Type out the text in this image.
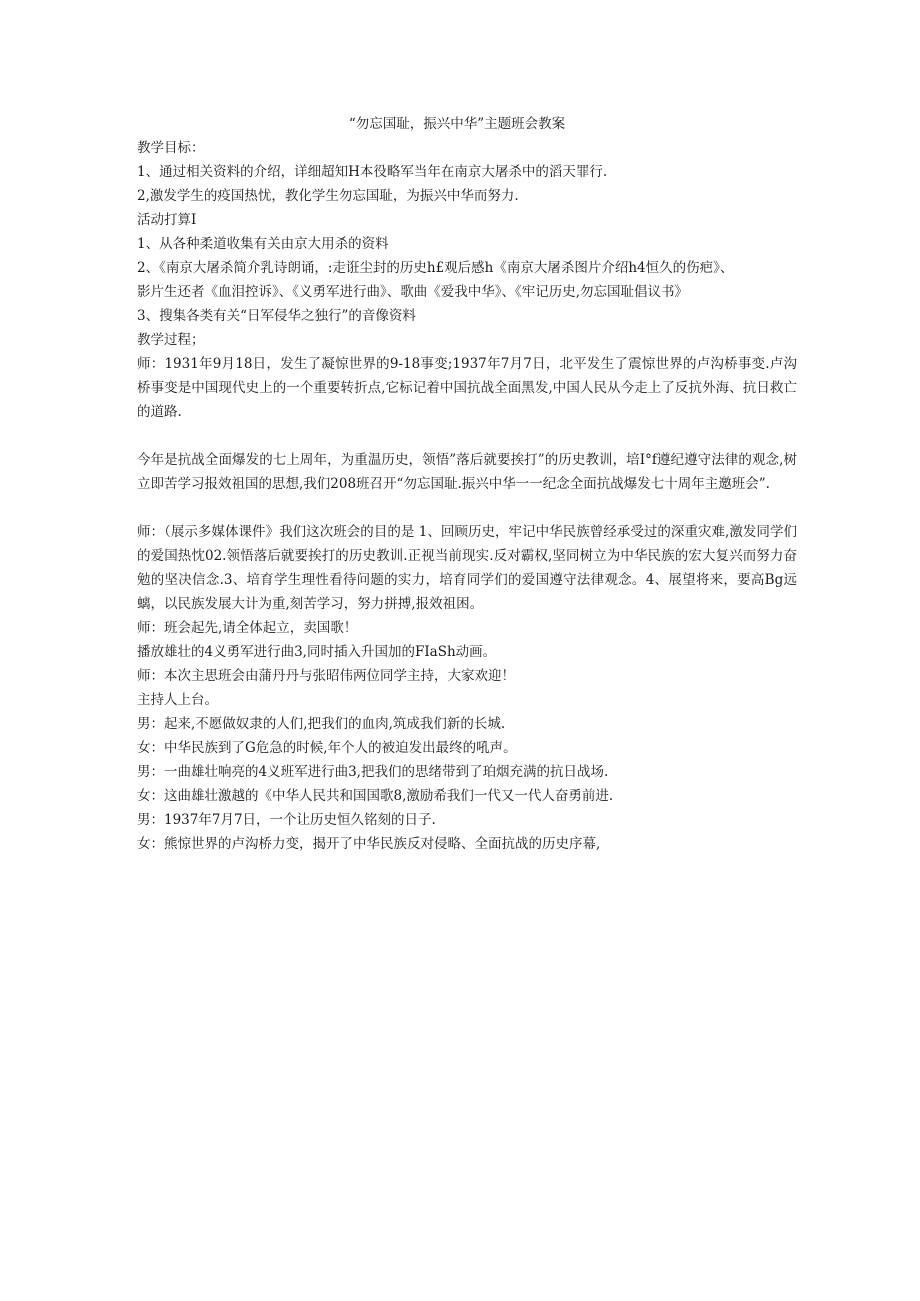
“勿忘国耻，振兴中华”主题班会教案
教学目标：
1、通过相关资料的介绍，详细超知H本役略军当年在南京大屠杀中的滔天罪行.
2,激发学生的疫国热忧，教化学生勿忘国耻，为振兴中华而努力.
活动打算I
1、从各种柔道收集有关由京大用杀的资料
2、《南京大屠杀简介乳诗朗诵，:走诳尘封的历史h£观后感h《南京大屠杀图片介绍h4恒久的伤疤》、
影片生还者《血泪控诉》、《义勇军进行曲》、歌曲《爱我中华》、《牢记历史,勿忘国耻倡议书》
3、搜集各类有关“日军侵华之独行”的音像资料
教学过程；
师：1931年9月18日，发生了凝惊世界的9-18事变;1937年7月7日，北平发生了震惊世界的卢沟桥事变.卢沟桥事变是中国现代史上的一个重要转折点,它标记着中国抗战全面黑发,中国人民从今走上了反抗外海、抗日救亡的道路.
今年是抗战全面爆发的七上周年，为重温历史，领悟”落后就要挨打”的历史教训，培I°f遵纪遵守法律的观念,树立即苦学习报效祖国的思想,我们208班召开“勿忘国耻.振兴中华一一纪念全面抗战爆发七十周年主邀班会”.
师：（展示多媒体课件》我们这次班会的目的是 1、回顾历史，牢记中华民族曾经承受过的深重灾难,激发同学们的爱国热忱02.领悟落后就要挨打的历史教训.正视当前现实.反对霸权,坚同树立为中华民族的宏大复兴而努力奋勉的坚决信念.3、培育学生理性看待问题的实力，培育同学们的爱国遵守法律观念。4、展望将来，要高Bg远螭，以民族发展大计为重,刻苦学习，努力拼搏,报效祖困。
师：班会起先,请全体起立，卖国歌！
播放雄壮的4义勇军进行曲3,同时插入升国加的FIaSh动画。
师：本次主思班会由蒲丹丹与张昭伟两位同学主持，大家欢迎！
主持人上台。
男：起来,不愿做奴隶的人们,把我们的血肉,筑成我们新的长城.
女：中华民族到了G危急的时候,年个人的被迫发出最终的吼声。
男：一曲雄壮响亮的4义班军进行曲3,把我们的思绪带到了珀烟充满的抗日战场.
女：这曲雄壮激越的《中华人民共和国国歌8,激励希我们一代又一代人奋勇前进.
男：1937年7月7日，一个让历史恒久铭刻的日子.
女：熊惊世界的卢沟桥力变，揭开了中华民族反对侵略、全面抗战的历史序幕,
